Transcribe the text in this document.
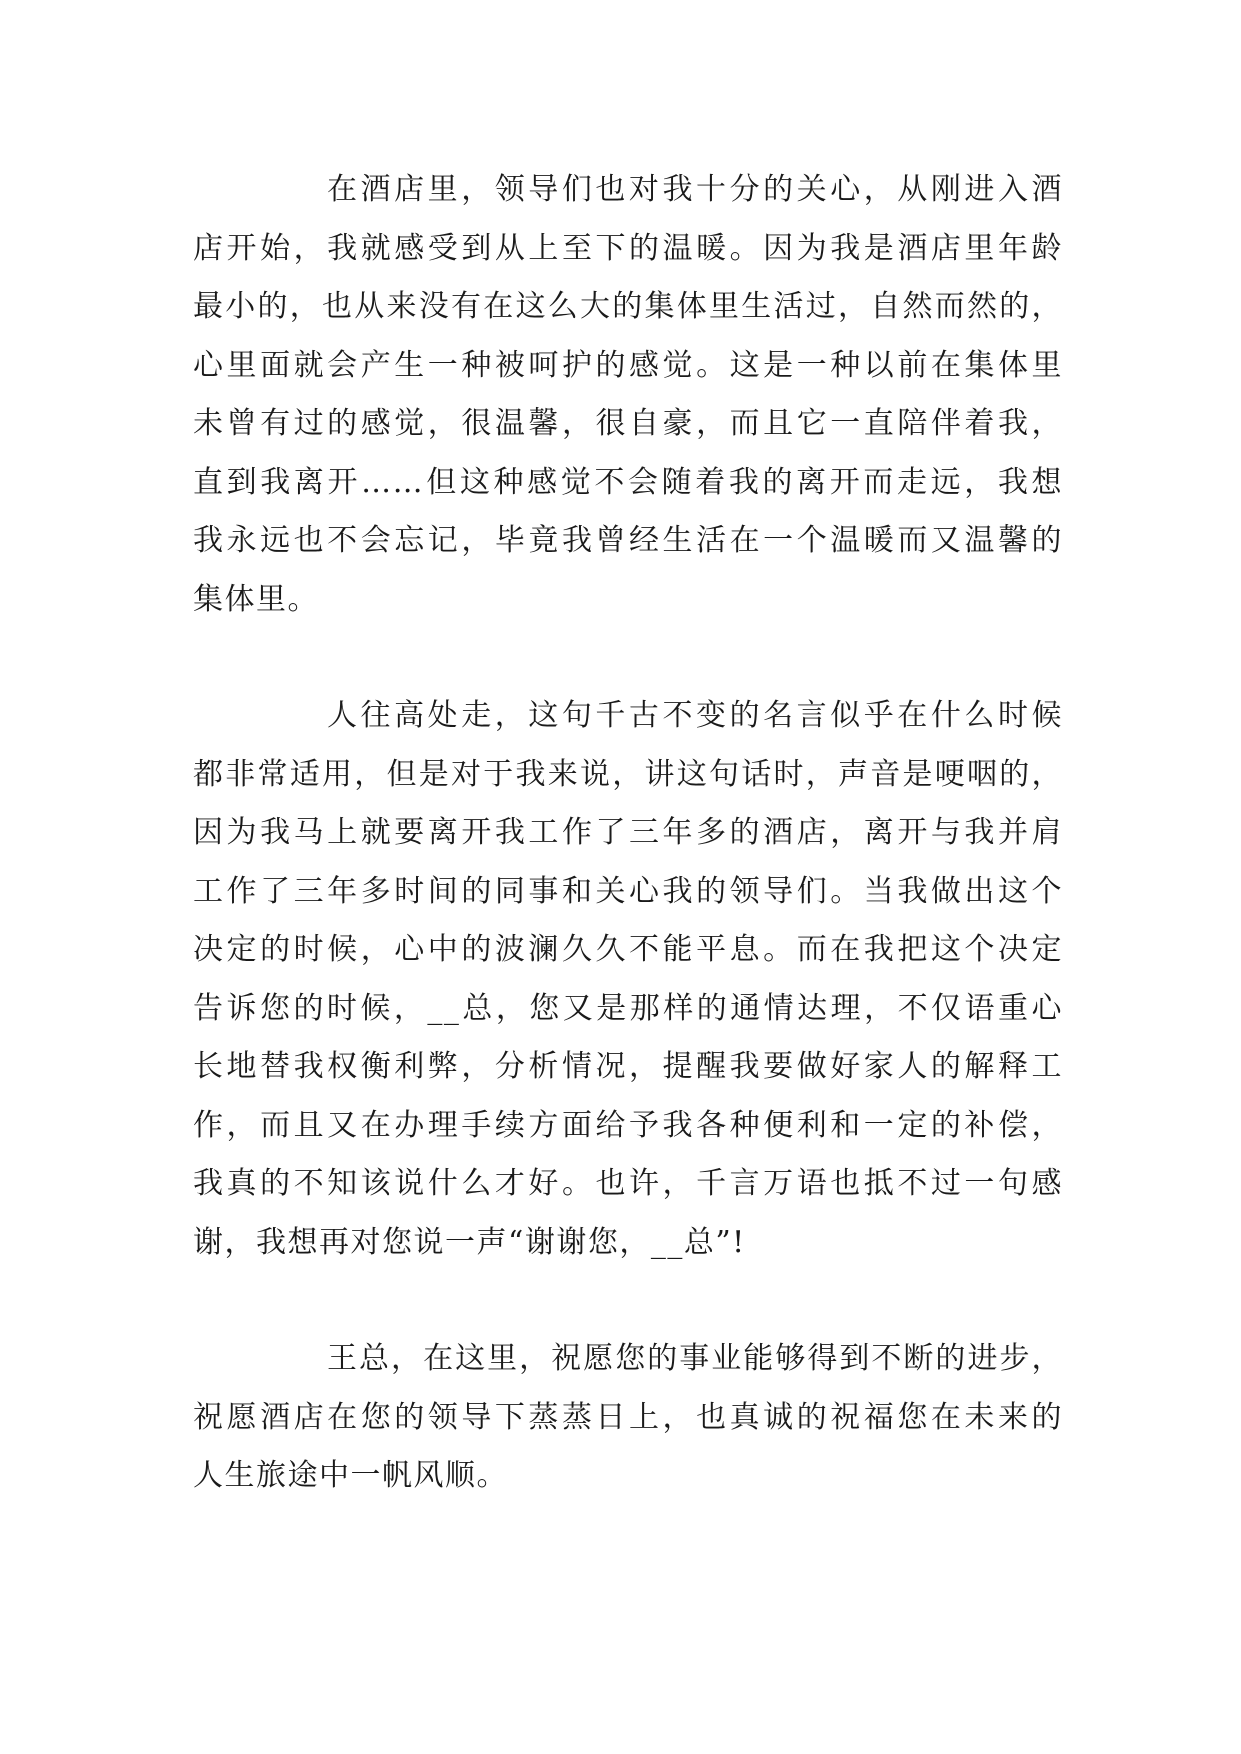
在酒店里，领导们也对我十分的关心，从刚进入酒
店开始，我就感受到从上至下的温暖。因为我是酒店里年龄
最小的，也从来没有在这么大的集体里生活过，自然而然的，
心里面就会产生一种被呵护的感觉。这是一种以前在集体里
未曾有过的感觉，很温馨，很自豪，而且它一直陪伴着我，
直到我离开……但这种感觉不会随着我的离开而走远，我想
我永远也不会忘记，毕竟我曾经生活在一个温暖而又温馨的
集体里。

人往高处走，这句千古不变的名言似乎在什么时候
都非常适用，但是对于我来说，讲这句话时，声音是哽咽的，
因为我马上就要离开我工作了三年多的酒店，离开与我并肩
工作了三年多时间的同事和关心我的领导们。当我做出这个
决定的时候，心中的波澜久久不能平息。而在我把这个决定
告诉您的时候，__总，您又是那样的通情达理，不仅语重心
长地替我权衡利弊，分析情况，提醒我要做好家人的解释工
作，而且又在办理手续方面给予我各种便利和一定的补偿，
我真的不知该说什么才好。也许，千言万语也抵不过一句感
谢，我想再对您说一声“谢谢您，__总”!

王总，在这里，祝愿您的事业能够得到不断的进步，
祝愿酒店在您的领导下蒸蒸日上，也真诚的祝福您在未来的
人生旅途中一帆风顺。
